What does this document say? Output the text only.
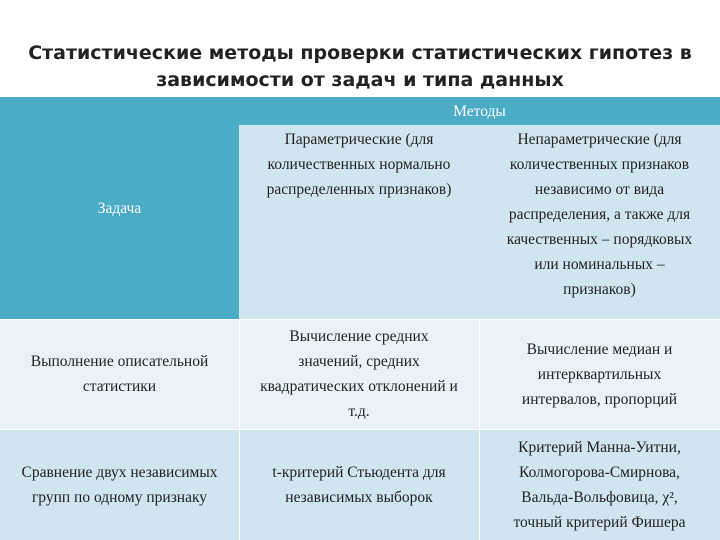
Статистические методы проверки статистических гипотез в
зависимости от задач и типа данных
Задача
Методы
Параметрические (для
количественных нормально
распределенных признаков)
Непараметрические (для
количественных признаков
независимо от вида
распределения, а также для
качественных – порядковых
или номинальных –
признаков)
Выполнение описательной
статистики
Вычисление средних
значений, средних
квадратических отклонений и
т.д.
Вычисление медиан и
интерквартильных
интервалов, пропорций
Сравнение двух независимых
групп по одному признаку
t-критерий Стьюдента для
независимых выборок
Критерий Манна-Уитни,
Колмогорова-Смирнова,
Вальда-Вольфовица, χ²,
точный критерий Фишера
